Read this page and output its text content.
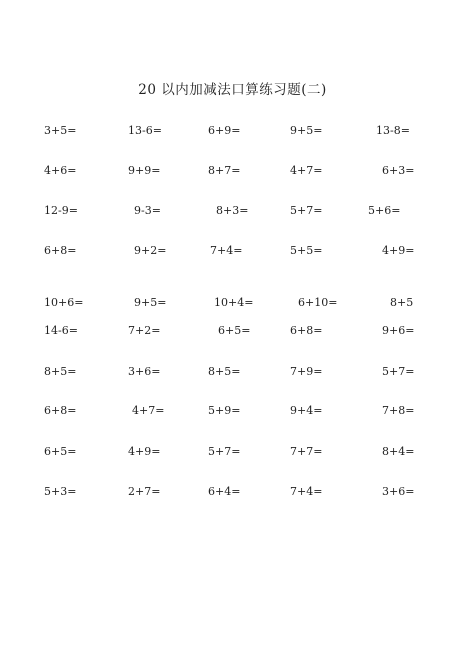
20 以内加减法口算练习题(二)
3+5=	13-6=	6+9=	9+5=	13-8=
4+6=	9+9=	8+7=	4+7=	6+3=
12-9=	9-3=	8+3=	5+7=	5+6=
6+8=	9+2=	7+4=	5+5=	4+9=
10+6=	9+5=	10+4=	6+10=	8+5
14-6=	7+2=	6+5=	6+8=	9+6=
8+5=	3+6=	8+5=	7+9=	5+7=
6+8=	4+7=	5+9=	9+4=	7+8=
6+5=	4+9=	5+7=	7+7=	8+4=
5+3=	2+7=	6+4=	7+4=	3+6=
